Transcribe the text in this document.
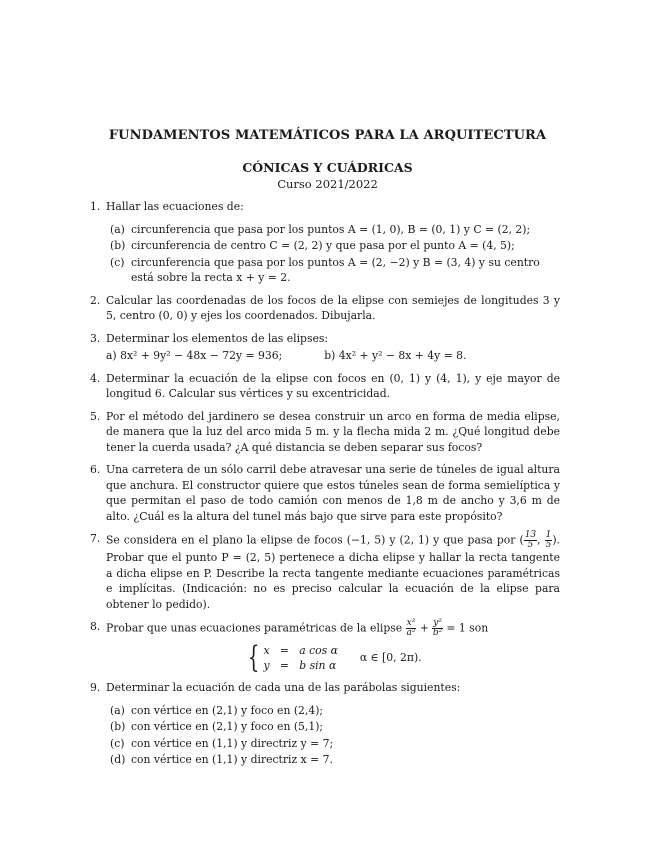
FUNDAMENTOS MATEMÁTICOS PARA LA ARQUITECTURA
CÓNICAS Y CUÁDRICAS
Curso 2021/2022
1. Hallar las ecuaciones de:
(a) circunferencia que pasa por los puntos A = (1, 0), B = (0, 1) y C = (2, 2);
(b) circunferencia de centro C = (2, 2) y que pasa por el punto A = (4, 5);
(c) circunferencia que pasa por los puntos A = (2, −2) y B = (3, 4) y su centro está sobre la recta x + y = 2.
2. Calcular las coordenadas de los focos de la elipse con semiejes de longitudes 3 y 5, centro (0, 0) y ejes los coordenados. Dibujarla.
3. Determinar los elementos de las elipses:
a) 8x² + 9y² − 48x − 72y = 936;	b) 4x² + y² − 8x + 4y = 8.
4. Determinar la ecuación de la elipse con focos en (0, 1) y (4, 1), y eje mayor de longitud 6. Calcular sus vértices y su excentricidad.
5. Por el método del jardinero se desea construir un arco en forma de media elipse, de manera que la luz del arco mida 5 m. y la flecha mida 2 m. ¿Qué longitud debe tener la cuerda usada? ¿A qué distancia se deben separar sus focos?
6. Una carretera de un sólo carril debe atravesar una serie de túneles de igual altura que anchura. El constructor quiere que estos túneles sean de forma semielíptica y que permitan el paso de todo camión con menos de 1,8 m de ancho y 3,6 m de alto. ¿Cuál es la altura del tunel más bajo que sirve para este propósito?
7. Se considera en el plano la elipse de focos (−1, 5) y (2, 1) y que pasa por ( $\frac{13}{5}$ , $\frac{1}{5}$ ). Probar que el punto P = (2, 5) pertenece a dicha elipse y hallar la recta tangente a dicha elipse en P. Describe la recta tangente mediante ecuaciones paramétricas e implícitas. (Indicación: no es preciso calcular la ecuación de la elipse para obtener lo pedido).
8. Probar que unas ecuaciones paramétricas de la elipse $\frac{\text{x²}}{\text{a²}} + \frac{\text{y²}}{\text{b²}} = 1$ son
{ x   =   a cos α
y   =   b sin α
α ∈ [0, 2π).
9. Determinar la ecuación de cada una de las parábolas siguientes:
(a) con vértice en (2,1) y foco en (2,4);
(b) con vértice en (2,1) y foco en (5,1);
(c) con vértice en (1,1) y directriz y = 7;
(d) con vértice en (1,1) y directriz x = 7.
